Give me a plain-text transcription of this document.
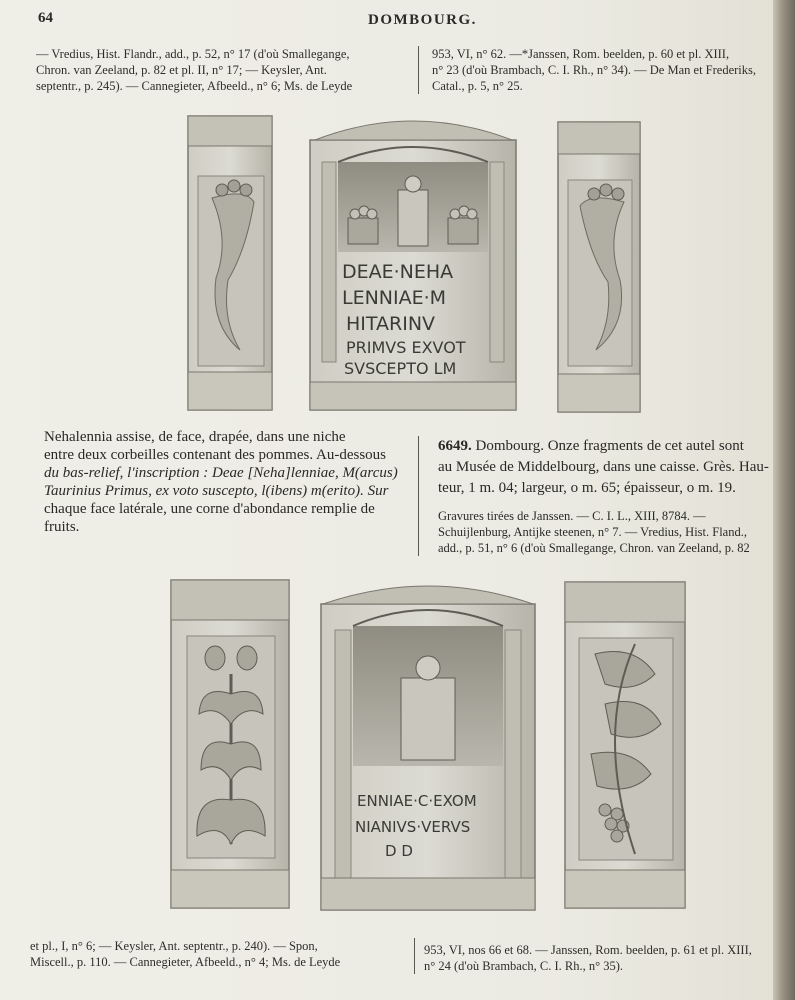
64	DOMBOURG.
— Vredius, Hist. Flandr., add., p. 52, n° 17 (d'où Smallegange,
Chron. van Zeeland, p. 82 et pl. II, n° 17; — Keysler, Ant.
septentr., p. 245). — Cannegieter, Afbeeld., n° 6; Ms. de Leyde
953, VI, n° 62. —*Janssen, Rom. beelden, p. 60 et pl. XIII,
n° 23 (d'où Brambach, C. I. Rh., n° 34). — De Man et Frederiks,
Catal., p. 5, n° 25.
DEAE·NEHA
LENNIAE·M
HITARINV
PRIMVS EXVOT
SVSCEPTO LM
Nehalennia assise, de face, drapée, dans une niche
entre deux corbeilles contenant des pommes. Au-dessous
du bas-relief, l'inscription : Deae [Neha]lenniae, M(arcus)
Taurinius Primus, ex voto suscepto, l(ibens) m(erito). Sur
chaque face latérale, une corne d'abondance remplie de
fruits.
6649. Dombourg. Onze fragments de cet autel sont
au Musée de Middelbourg, dans une caisse. Grès. Hau-
teur, 1 m. 04; largeur, o m. 65; épaisseur, o m. 19.
Gravures tirées de Janssen. — C. I. L., XIII, 8784. —
Schuijlenburg, Antijke steenen, n° 7. — Vredius, Hist. Fland.,
add., p. 51, n° 6 (d'où Smallegange, Chron. van Zeeland, p. 82
ENNIAE·C·EXOM
NIANIVS·VERVS
D D
et pl., I, n° 6; — Keysler, Ant. septentr., p. 240). — Spon,
Miscell., p. 110. — Cannegieter, Afbeeld., n° 4; Ms. de Leyde
953, VI, nos 66 et 68. — Janssen, Rom. beelden, p. 61 et pl. XIII,
n° 24 (d'où Brambach, C. I. Rh., n° 35).
